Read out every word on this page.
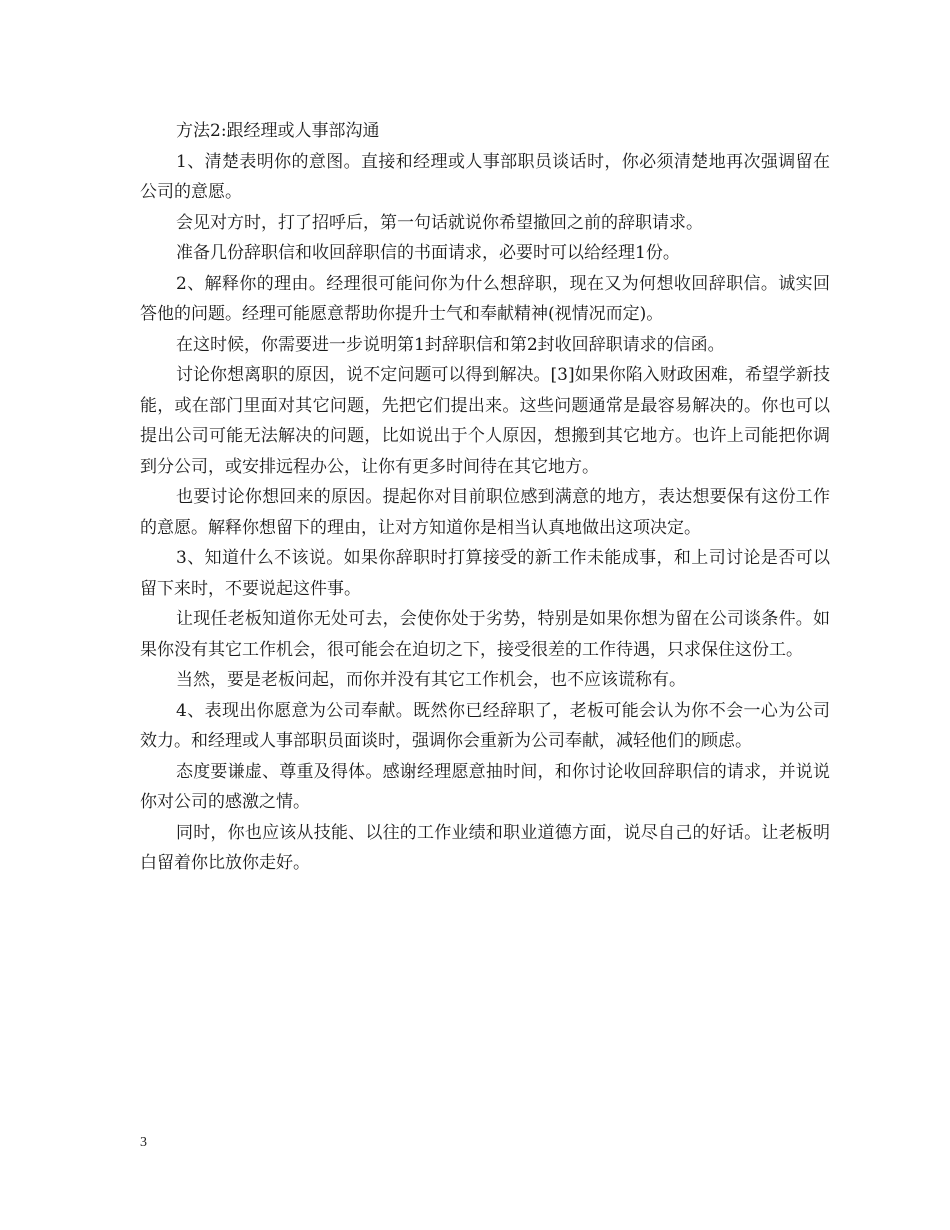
方法2:跟经理或人事部沟通

1、清楚表明你的意图。直接和经理或人事部职员谈话时，你必须清楚地再次强调留在公司的意愿。

会见对方时，打了招呼后，第一句话就说你希望撤回之前的辞职请求。

准备几份辞职信和收回辞职信的书面请求，必要时可以给经理1份。

2、解释你的理由。经理很可能问你为什么想辞职，现在又为何想收回辞职信。诚实回答他的问题。经理可能愿意帮助你提升士气和奉献精神(视情况而定)。

在这时候，你需要进一步说明第1封辞职信和第2封收回辞职请求的信函。

讨论你想离职的原因，说不定问题可以得到解决。[3]如果你陷入财政困难，希望学新技能，或在部门里面对其它问题，先把它们提出来。这些问题通常是最容易解决的。你也可以提出公司可能无法解决的问题，比如说出于个人原因，想搬到其它地方。也许上司能把你调到分公司，或安排远程办公，让你有更多时间待在其它地方。

也要讨论你想回来的原因。提起你对目前职位感到满意的地方，表达想要保有这份工作的意愿。解释你想留下的理由，让对方知道你是相当认真地做出这项决定。

3、知道什么不该说。如果你辞职时打算接受的新工作未能成事，和上司讨论是否可以留下来时，不要说起这件事。

让现任老板知道你无处可去，会使你处于劣势，特别是如果你想为留在公司谈条件。如果你没有其它工作机会，很可能会在迫切之下，接受很差的工作待遇，只求保住这份工。

当然，要是老板问起，而你并没有其它工作机会，也不应该谎称有。

4、表现出你愿意为公司奉献。既然你已经辞职了，老板可能会认为你不会一心为公司效力。和经理或人事部职员面谈时，强调你会重新为公司奉献，减轻他们的顾虑。

态度要谦虚、尊重及得体。感谢经理愿意抽时间，和你讨论收回辞职信的请求，并说说你对公司的感激之情。

同时，你也应该从技能、以往的工作业绩和职业道德方面，说尽自己的好话。让老板明白留着你比放你走好。

3
